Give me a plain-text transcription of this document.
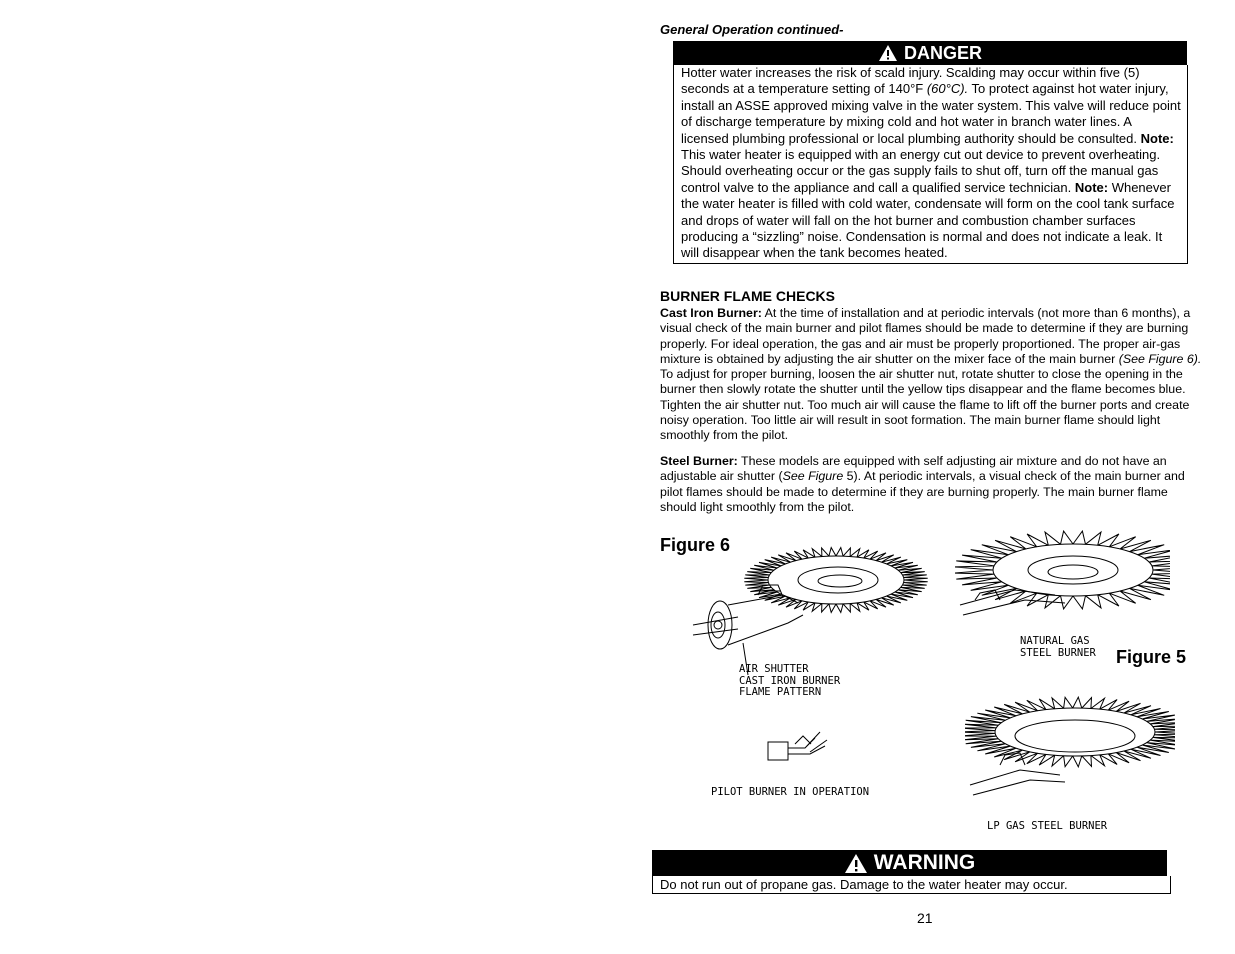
General Operation continued-
DANGER
Hotter water increases the risk of scald injury. Scalding may occur within five (5) seconds at a temperature setting of 140°F (60°C). To protect against hot water injury, install an ASSE approved mixing valve in the water system. This valve will reduce point of discharge temperature by mixing cold and hot water in branch water lines. A licensed plumbing professional or local plumbing authority should be consulted. Note: This water heater is equipped with an energy cut out device to prevent overheating. Should overheating occur or the gas supply fails to shut off, turn off the manual gas control valve to the appliance and call a qualified service technician. Note: Whenever the water heater is filled with cold water, condensate will form on the cool tank surface and drops of water will fall on the hot burner and combustion chamber surfaces producing a “sizzling” noise. Condensation is normal and does not indicate a leak. It will disappear when the tank becomes heated.
BURNER FLAME CHECKS
Cast Iron Burner: At the time of installation and at periodic intervals (not more than 6 months), a visual check of the main burner and pilot flames should be made to determine if they are burning properly. For ideal operation, the gas and air must be properly proportioned. The proper air-gas mixture is obtained by adjusting the air shutter on the mixer face of the main burner (See Figure 6). To adjust for proper burning, loosen the air shutter nut, rotate shutter to close the opening in the burner then slowly rotate the shutter until the yellow tips disappear and the flame becomes blue. Tighten the air shutter nut. Too much air will cause the flame to lift off the burner ports and create noisy operation. Too little air will result in soot formation. The main burner flame should light smoothly from the pilot.
Steel Burner: These models are equipped with self adjusting air mixture and do not have an adjustable air shutter (See Figure 5). At periodic intervals, a visual check of the main burner and pilot flames should be made to determine if they are burning properly. The main burner flame should light smoothly from the pilot.
Figure 6
Figure 5
AIR SHUTTER
CAST IRON BURNER
FLAME PATTERN
PILOT BURNER IN OPERATION
NATURAL GAS
STEEL BURNER
LP GAS STEEL BURNER
WARNING
Do not run out of propane gas. Damage to the water heater may occur.
21
